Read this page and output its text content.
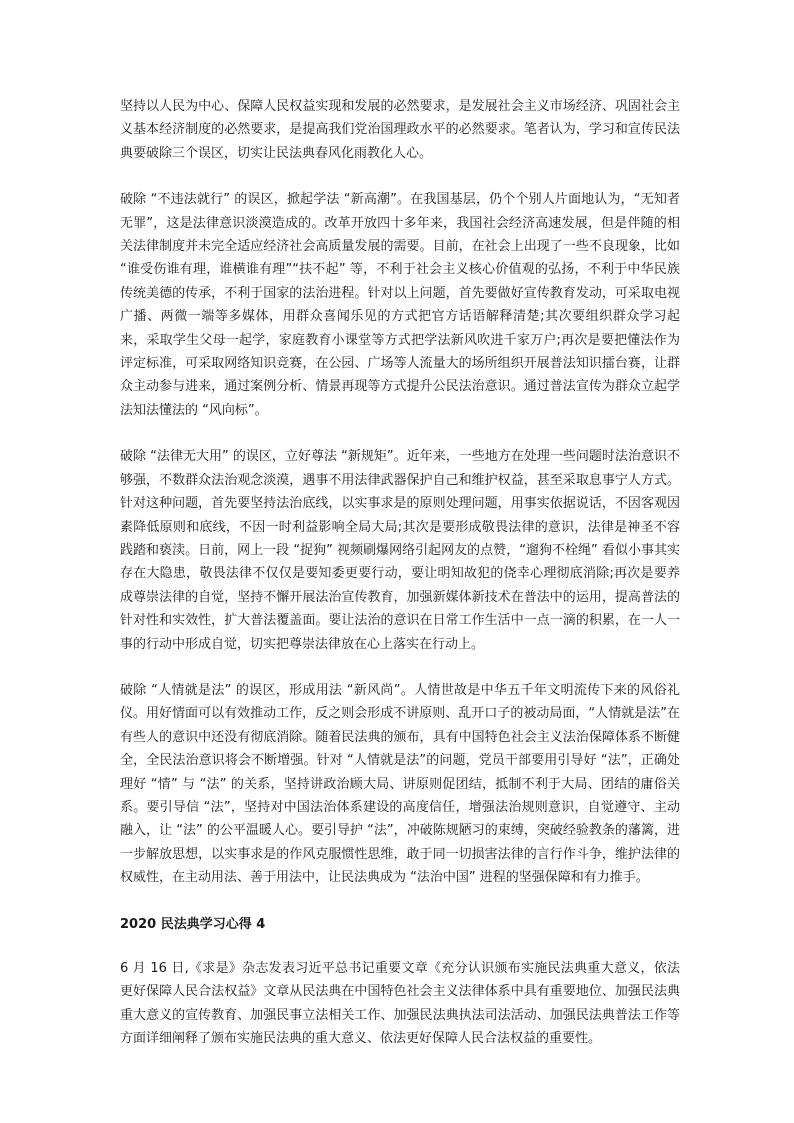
坚持以人民为中心、保障人民权益实现和发展的必然要求，是发展社会主义市场经济、巩固社会主义基本经济制度的必然要求，是提高我们党治国理政水平的必然要求。笔者认为，学习和宣传民法典要破除三个误区，切实让民法典春风化雨教化人心。

破除 “不违法就行” 的误区，掀起学法 “新高潮”。在我国基层，仍个个别人片面地认为，“无知者无罪”，这是法律意识淡漠造成的。改革开放四十多年来，我国社会经济高速发展，但是伴随的相关法律制度并未完全适应经济社会高质量发展的需要。目前，在社会上出现了一些不良现象，比如 “谁受伤谁有理，谁横谁有理”“扶不起” 等，不利于社会主义核心价值观的弘扬，不利于中华民族传统美德的传承，不利于国家的法治进程。针对以上问题，首先要做好宣传教育发动，可采取电视广播、两微一端等多媒体，用群众喜闻乐见的方式把官方话语解释清楚;其次要组织群众学习起来，采取学生父母一起学，家庭教育小课堂等方式把学法新风吹进千家万户;再次是要把懂法作为评定标准，可采取网络知识竞赛，在公园、广场等人流量大的场所组织开展普法知识擂台赛，让群众主动参与进来，通过案例分析、情景再现等方式提升公民法治意识。通过普法宣传为群众立起学法知法懂法的 “风向标”。

破除 “法律无大用” 的误区，立好尊法 “新规矩”。近年来，一些地方在处理一些问题时法治意识不够强，不数群众法治观念淡漠，遇事不用法律武器保护自己和维护权益，甚至采取息事宁人方式。针对这种问题，首先要坚持法治底线，以实事求是的原则处理问题，用事实依据说话，不因客观因素降低原则和底线，不因一时利益影响全局大局;其次是要形成敬畏法律的意识，法律是神圣不容践踏和亵渎。日前，网上一段 “捉狗” 视频刷爆网络引起网友的点赞，“遛狗不栓绳” 看似小事其实存在大隐患，敬畏法律不仅仅是要知委更要行动，要让明知故犯的侥幸心理彻底消除;再次是要养成尊崇法律的自觉，坚持不懈开展法治宣传教育，加强新媒体新技术在普法中的运用，提高普法的针对性和实效性，扩大普法覆盖面。要让法治的意识在日常工作生活中一点一滴的积累，在一人一事的行动中形成自觉，切实把尊崇法律放在心上落实在行动上。

破除 “人情就是法” 的误区，形成用法 “新风尚”。人情世故是中华五千年文明流传下来的风俗礼仪。用好情面可以有效推动工作，反之则会形成不讲原则、乱开口子的被动局面，“人情就是法”在有些人的意识中还没有彻底消除。随着民法典的颁布，具有中国特色社会主义法治保障体系不断健全，全民法治意识将会不断增强。针对 “人情就是法”的问题，党员干部要用引导好 “法”，正确处理好 “情” 与 “法” 的关系，坚持讲政治顾大局、讲原则促团结，抵制不利于大局、团结的庸俗关系。要引导信 “法”，坚持对中国法治体系建设的高度信任，增强法治规则意识，自觉遵守、主动融入，让 “法” 的公平温暖人心。要引导护 “法”，冲破陈规陋习的束缚，突破经验教条的藩篱，进一步解放思想，以实事求是的作风克服惯性思维，敢于同一切损害法律的言行作斗争，维护法律的权威性，在主动用法、善于用法中，让民法典成为 “法治中国” 进程的坚强保障和有力推手。

2020 民法典学习心得 4

6 月 16 日,《求是》杂志发表习近平总书记重要文章《充分认识颁布实施民法典重大意义，依法更好保障人民合法权益》文章从民法典在中国特色社会主义法律体系中具有重要地位、加强民法典重大意义的宣传教育、加强民事立法相关工作、加强民法典执法司法活动、加强民法典普法工作等方面详细阐释了颁布实施民法典的重大意义、依法更好保障人民合法权益的重要性。
